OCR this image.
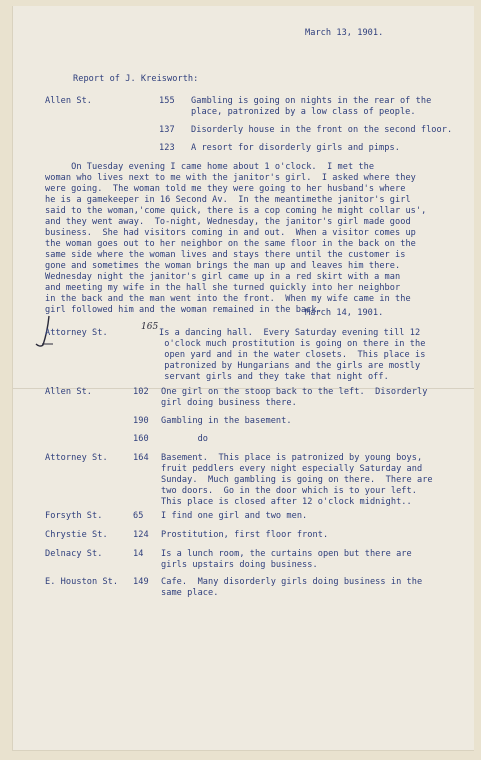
March 13, 1901.
Report of J. Kreisworth:
Allen St.	155 Gambling is going on nights in the rear of the
place, patronized by a low class of people.
137 Disorderly house in the front on the second floor.
123 A resort for disorderly girls and pimps.
On Tuesday evening I came home about 1 o'clock.  I met the
woman who lives next to me with the janitor's girl.  I asked where they
were going.  The woman told me they were going to her husband's where
he is a gamekeeper in 16 Second Av.  In the meantimethe janitor's girl
said to the woman,'come quick, there is a cop coming he might collar us',
and they went away.  To-night, Wednesday, the janitor's girl made good
business.  She had visitors coming in and out.  When a visitor comes up
the woman goes out to her neighbor on the same floor in the back on the
same side where the woman lives and stays there until the customer is
gone and sometimes the woman brings the man up and leaves him there.
Wednesday night the janitor's girl came up in a red skirt with a man
and meeting my wife in the hall she turned quickly into her neighbor
in the back and the man went into the front.  When my wife came in the
girl followed him and the woman remained in the back.
March 14, 1901.
Attorney St.
165
Is a dancing hall.  Every Saturday evening till 12
o'clock much prostitution is going on there in the
open yard and in the water closets.  This place is
patronized by Hungarians and the girls are mostly
servant girls and they take that night off.
Allen St.	102 One girl on the stoop back to the left.  Disorderly
girl doing business there.
190 Gambling in the basement.
160 do
Attorney St.	164 Basement.  This place is patronized by young boys,
fruit peddlers every night especially Saturday and
Sunday.  Much gambling is going on there.  There are
two doors.  Go in the door which is to your left.
This place is closed after 12 o'clock midnight..
Forsyth St.	65 I find one girl and two men.
Chrystie St.	124 Prostitution, first floor front.
Delnacy St.	14 Is a lunch room, the curtains open but there are
girls upstairs doing business.
E. Houston St. 149 Cafe.  Many disorderly girls doing business in the
same place.
